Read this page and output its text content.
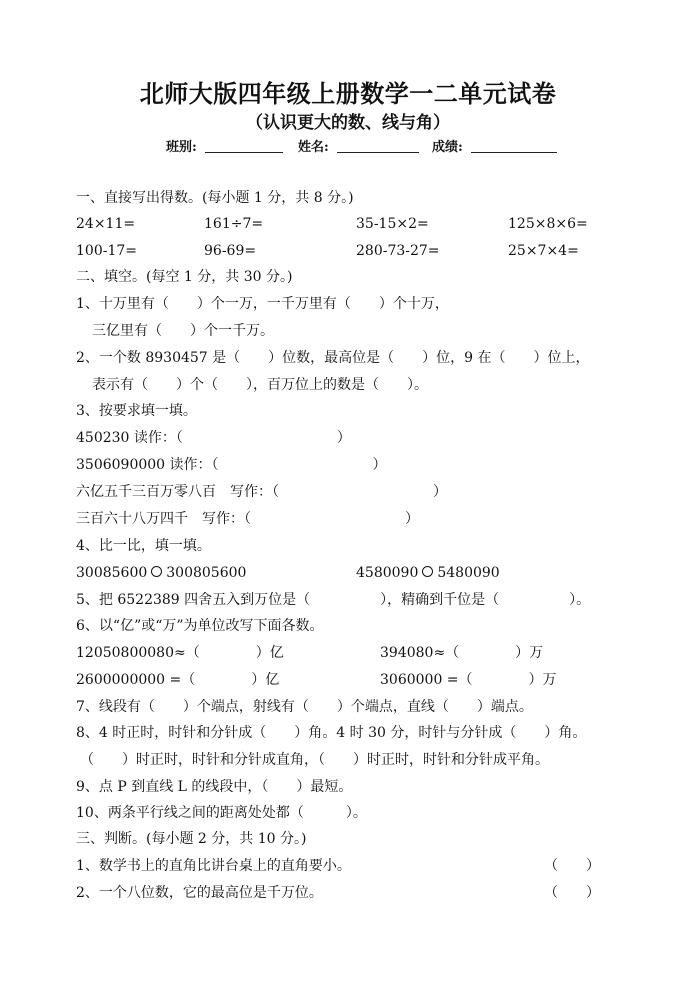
北师大版四年级上册数学一二单元试卷
（认识更大的数、线与角）
班别:	姓名:	成绩:
一、直接写出得数。(每小题 1 分，共 8 分。)
24×11=	161÷7=	35-15×2=	125×8×6=
100-17=	96-69=	280-73-27=	25×7×4=
二、填空。(每空 1 分，共 30 分。)
1、十万里有（　　）个一万，一千万里有（　　）个十万，
三亿里有（　　）个一千万。
2、一个数 8930457 是（　　）位数，最高位是（　　）位，9 在（　　）位上，
表示有（　　）个（　　），百万位上的数是（　　）。
3、按要求填一填。
450230 读作：（　　　　　　　　　　　）
3506090000 读作：（　　　　　　　　　　　）
六亿五千三百万零八百　写作：（　　　　　　　　　　　）
三百六十八万四千　写作：（　　　　　　　　　　　）
4、比一比，填一填。
30085600 300805600	4580090 5480090
5、把 6522389 四舍五入到万位是（　　　　　），精确到千位是（　　　　　）。
6、以“亿”或“万”为单位改写下面各数。
12050800080≈（　　　　）亿	394080≈（　　　　）万
2600000000 =（　　　　）亿	3060000 =（　　　　）万
7、线段有（　　）个端点，射线有（　　）个端点，直线（　　）端点。
8、4 时正时，时针和分针成（　　）角。4 时 30 分，时针与分针成（　　）角。
（　　）时正时，时针和分针成直角，（　　）时正时，时针和分针成平角。
9、点 P 到直线 L 的线段中，（　　）最短。
10、两条平行线之间的距离处处都（　　　）。
三、判断。(每小题 2 分，共 10 分。)
1、数学书上的直角比讲台桌上的直角要小。	（　　）
2、一个八位数，它的最高位是千万位。	（　　）
